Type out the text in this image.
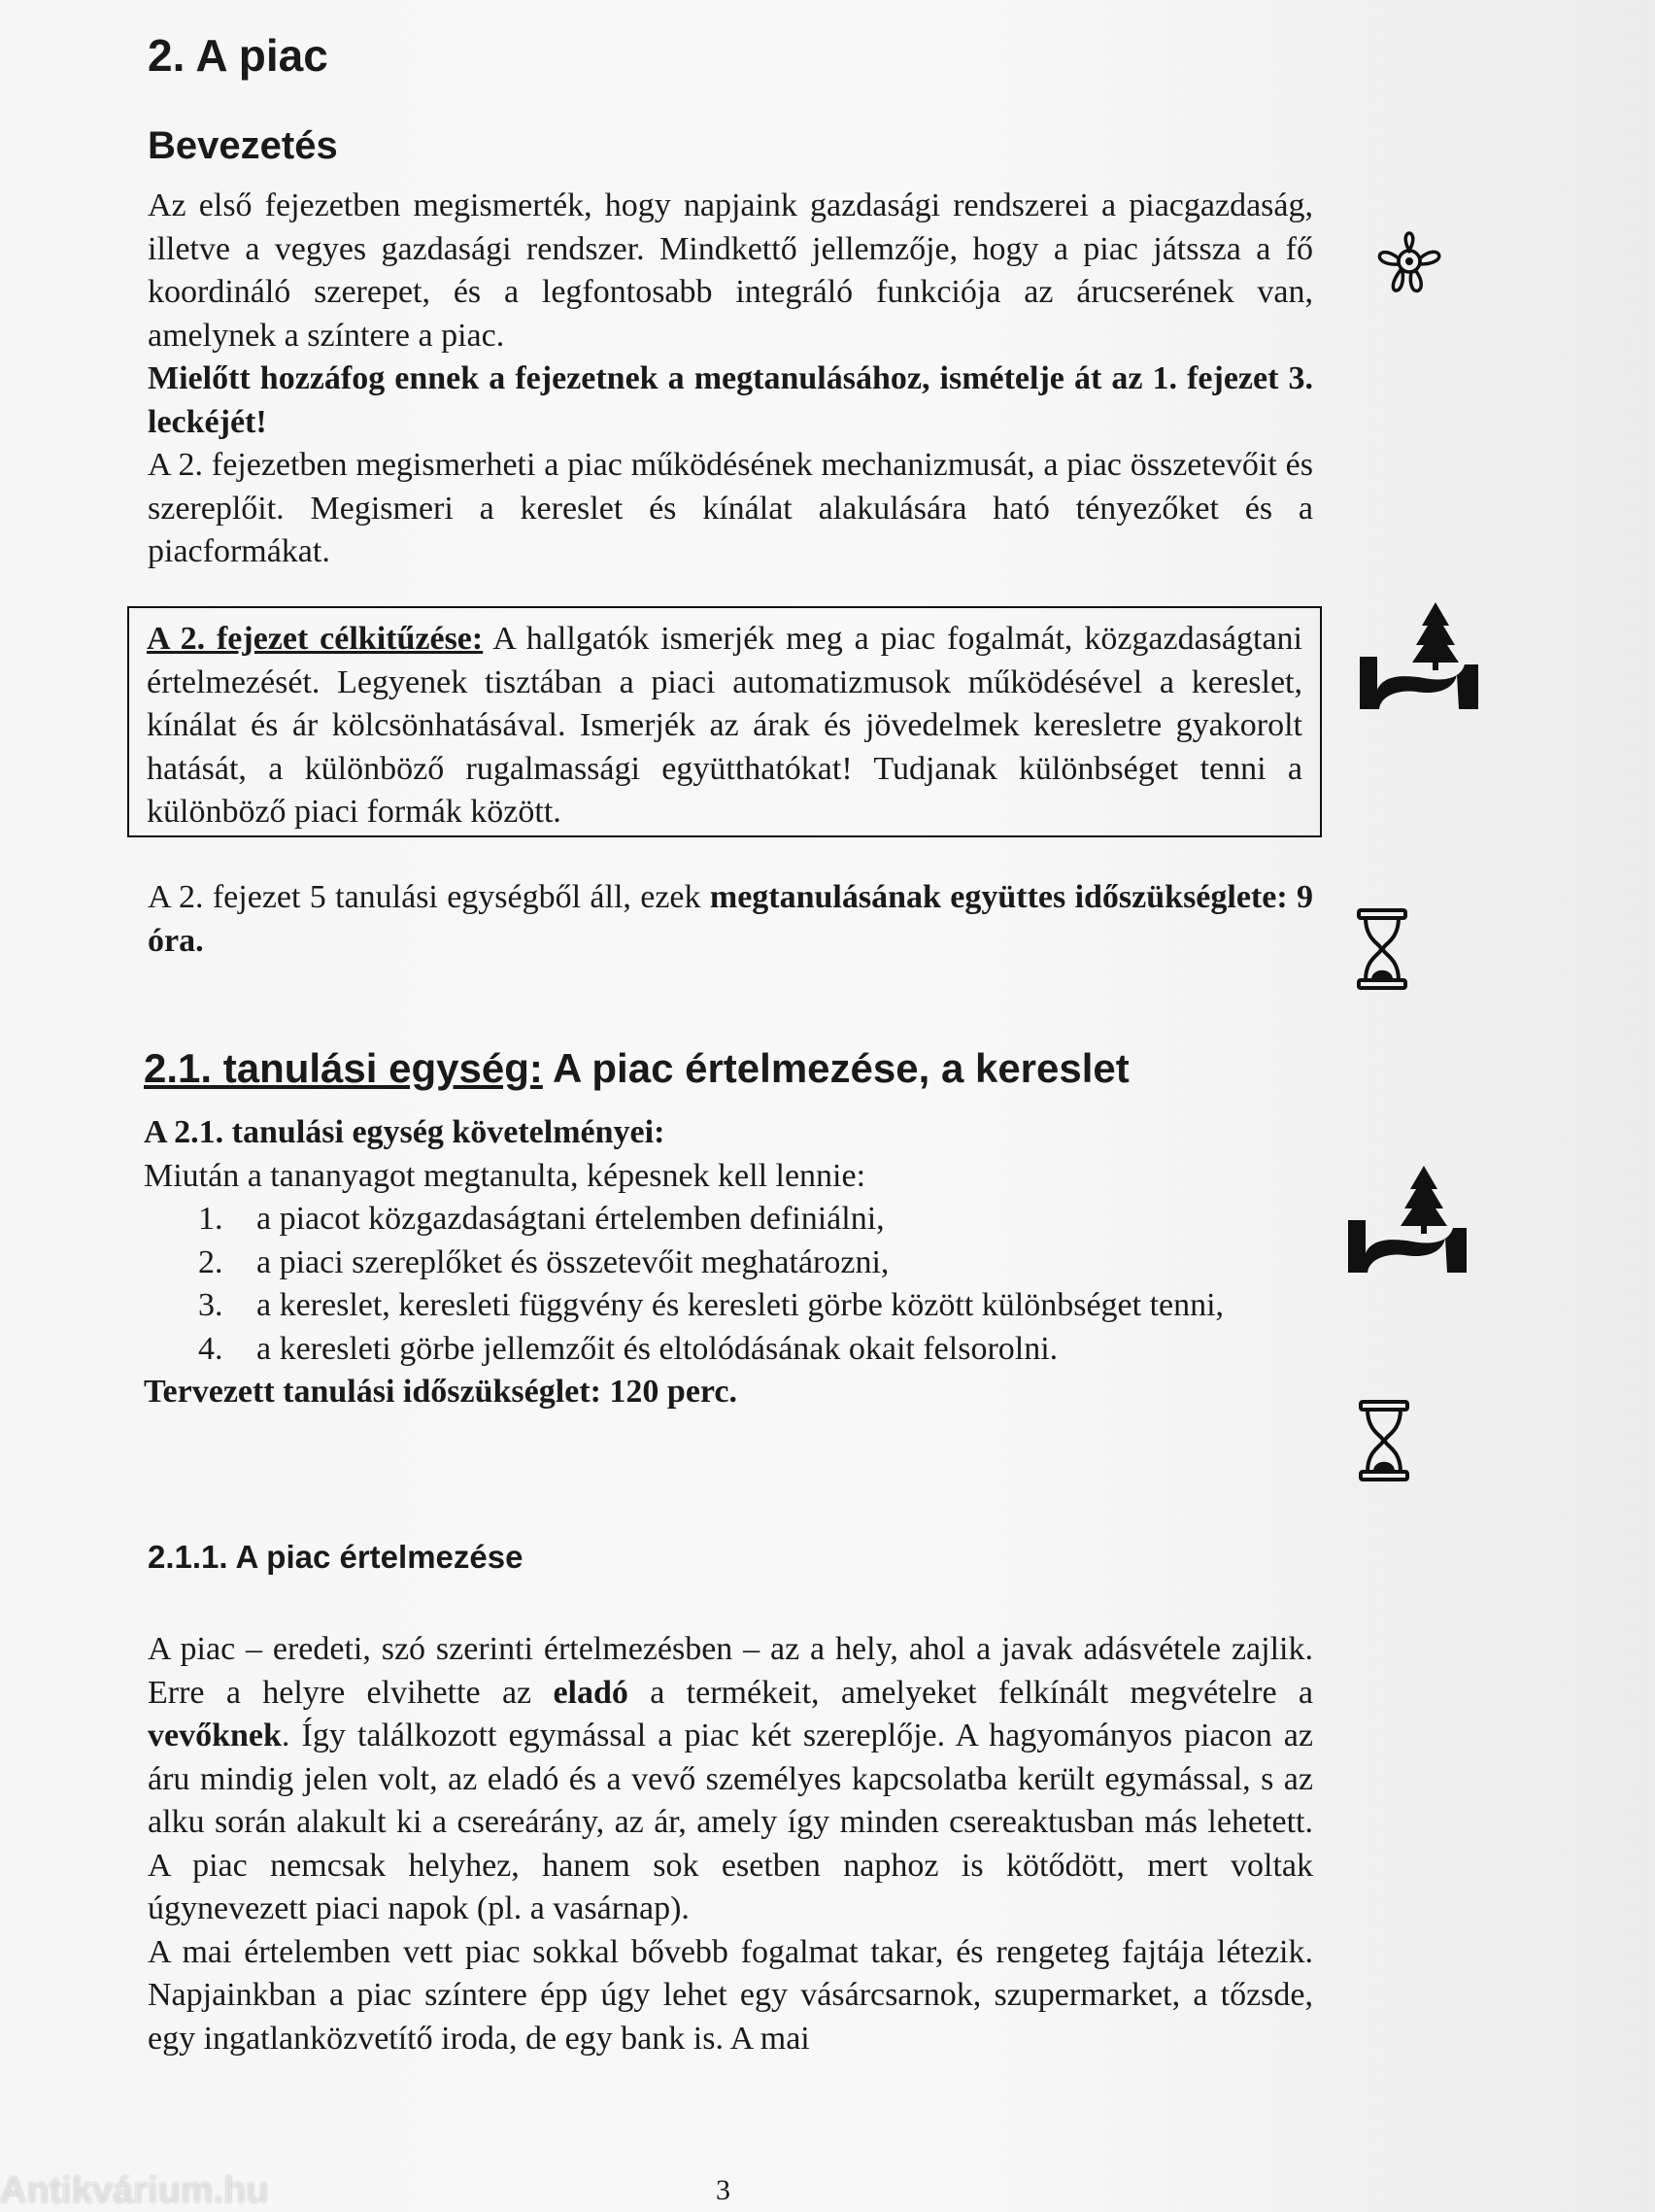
2. A piac
Bevezetés

Az első fejezetben megismerték, hogy napjaink gazdasági rendszerei a piacgazdaság, illetve a vegyes gazdasági rendszer. Mindkettő jellemzője, hogy a piac játssza a fő koordináló szerepet, és a legfontosabb integráló funkciója az árucserének van, amelynek a színtere a piac.

Mielőtt hozzáfog ennek a fejezetnek a megtanulásához, ismételje át az 1. fejezet 3. leckéjét!

A 2. fejezetben megismerheti a piac működésének mechanizmusát, a piac összetevőit és szereplőit. Megismeri a kereslet és kínálat alakulására ható tényezőket és a piacformákat.

A 2. fejezet célkitűzése: A hallgatók ismerjék meg a piac fogalmát, közgazdaságtani értelmezését. Legyenek tisztában a piaci automatizmusok működésével a kereslet, kínálat és ár kölcsönhatásával. Ismerjék az árak és jövedelmek keresletre gyakorolt hatását, a különböző rugalmassági együtthatókat! Tudjanak különbséget tenni a különböző piaci formák között.

A 2. fejezet 5 tanulási egységből áll, ezek megtanulásának együttes időszükséglete: 9 óra.

2.1. tanulási egység: A piac értelmezése, a kereslet

A 2.1. tanulási egység követelményei:

Miután a tananyagot megtanulta, képesnek kell lennie:

1. a piacot közgazdaságtani értelemben definiálni,
2. a piaci szereplőket és összetevőit meghatározni,
3. a kereslet, keresleti függvény és keresleti görbe között különbséget tenni,
4. a keresleti görbe jellemzőit és eltolódásának okait felsorolni.

Tervezett tanulási időszükséglet: 120 perc.

2.1.1. A piac értelmezése

A piac – eredeti, szó szerinti értelmezésben – az a hely, ahol a javak adásvétele zajlik. Erre a helyre elvihette az eladó a termékeit, amelyeket felkínált megvételre a vevőknek. Így találkozott egymással a piac két szereplője. A hagyományos piacon az áru mindig jelen volt, az eladó és a vevő személyes kapcsolatba került egymással, s az alku során alakult ki a csereárány, az ár, amely így minden csereaktusban más lehetett. A piac nemcsak helyhez, hanem sok esetben naphoz is kötődött, mert voltak úgynevezett piaci napok (pl. a vasárnap).

A mai értelemben vett piac sokkal bővebb fogalmat takar, és rengeteg fajtája létezik. Napjainkban a piac színtere épp úgy lehet egy vásárcsarnok, szupermarket, a tőzsde, egy ingatlanközvetítő iroda, de egy bank is. A mai

3
Antikvárium.hu
